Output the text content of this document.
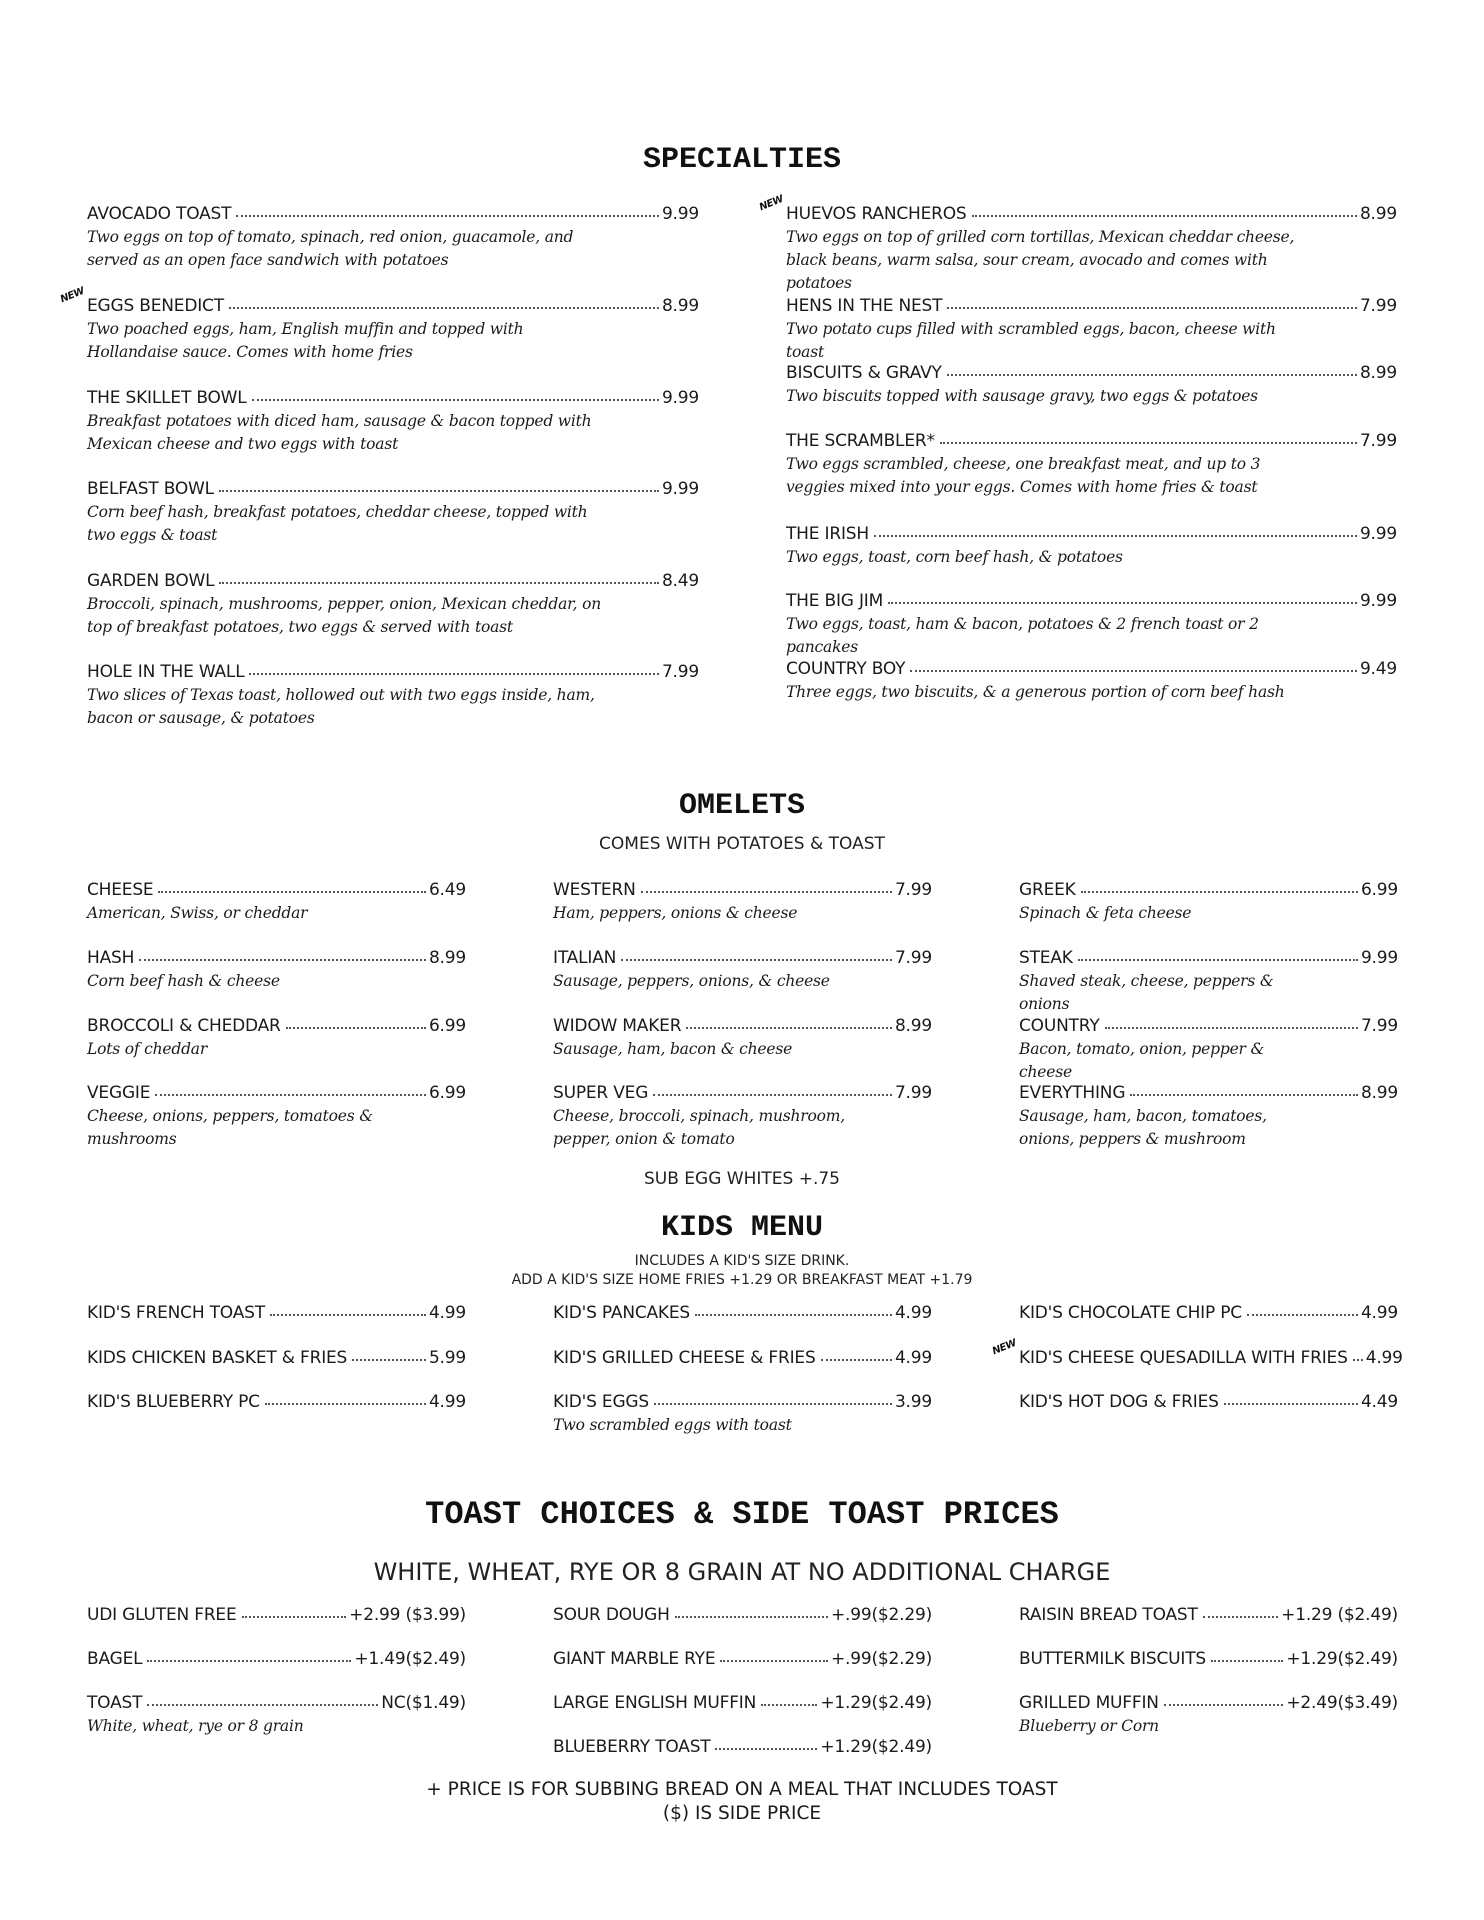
SPECIALTIES
AVOCADO TOAST	9.99
Two eggs on top of tomato, spinach, red onion, guacamole, and served as an open face sandwich with potatoes
NEW
EGGS BENEDICT	8.99
Two poached eggs, ham, English muffin and topped with Hollandaise sauce. Comes with home fries
THE SKILLET BOWL	9.99
Breakfast potatoes with diced ham, sausage & bacon topped with Mexican cheese and two eggs with toast
BELFAST BOWL	9.99
Corn beef hash, breakfast potatoes, cheddar cheese, topped with two eggs & toast
GARDEN BOWL	8.49
Broccoli, spinach, mushrooms, pepper, onion, Mexican cheddar, on top of breakfast potatoes, two eggs & served with toast
HOLE IN THE WALL	7.99
Two slices of Texas toast, hollowed out with two eggs inside, ham, bacon or sausage, & potatoes
NEW
HUEVOS RANCHEROS	8.99
Two eggs on top of grilled corn tortillas, Mexican cheddar cheese, black beans, warm salsa, sour cream, avocado and comes with potatoes
HENS IN THE NEST	7.99
Two potato cups filled with scrambled eggs, bacon, cheese with toast
BISCUITS & GRAVY	8.99
Two biscuits topped with sausage gravy, two eggs & potatoes
THE SCRAMBLER*	7.99
Two eggs scrambled, cheese, one breakfast meat, and up to 3 veggies mixed into your eggs. Comes with home fries & toast
THE IRISH	9.99
Two eggs, toast, corn beef hash, & potatoes
THE BIG JIM	9.99
Two eggs, toast, ham & bacon, potatoes & 2 french toast or 2 pancakes
COUNTRY BOY	9.49
Three eggs, two biscuits, & a generous portion of corn beef hash
OMELETS
COMES WITH POTATOES & TOAST
CHEESE	6.49
American, Swiss, or cheddar
HASH	8.99
Corn beef hash & cheese
BROCCOLI & CHEDDAR	6.99
Lots of cheddar
VEGGIE	6.99
Cheese, onions, peppers, tomatoes & mushrooms
WESTERN	7.99
Ham, peppers, onions & cheese
ITALIAN	7.99
Sausage, peppers, onions, & cheese
WIDOW MAKER	8.99
Sausage, ham, bacon & cheese
SUPER VEG	7.99
Cheese, broccoli, spinach, mushroom, pepper, onion & tomato
GREEK	6.99
Spinach & feta cheese
STEAK	9.99
Shaved steak, cheese, peppers & onions
COUNTRY	7.99
Bacon, tomato, onion, pepper & cheese
EVERYTHING	8.99
Sausage, ham, bacon, tomatoes, onions, peppers & mushroom
SUB EGG WHITES +.75
KIDS MENU
INCLUDES A KID'S SIZE DRINK.
ADD A KID'S SIZE HOME FRIES +1.29 OR BREAKFAST MEAT +1.79
KID'S FRENCH TOAST	4.99
KIDS CHICKEN BASKET & FRIES	5.99
KID'S BLUEBERRY PC	4.99
KID'S PANCAKES	4.99
KID'S GRILLED CHEESE & FRIES	4.99
KID'S EGGS	3.99
Two scrambled eggs with toast
KID'S CHOCOLATE CHIP PC	4.99
NEW
KID'S CHEESE QUESADILLA WITH FRIES 4.99
KID'S HOT DOG & FRIES	4.49
TOAST CHOICES & SIDE TOAST PRICES
WHITE, WHEAT, RYE OR 8 GRAIN AT NO ADDITIONAL CHARGE
UDI GLUTEN FREE	+2.99 ($3.99)
BAGEL	+1.49($2.49)
TOAST	NC($1.49)
White, wheat, rye or 8 grain
SOUR DOUGH	+.99($2.29)
GIANT MARBLE RYE	+.99($2.29)
LARGE ENGLISH MUFFIN	+1.29($2.49)
BLUEBERRY TOAST	+1.29($2.49)
RAISIN BREAD TOAST	+1.29 ($2.49)
BUTTERMILK BISCUITS	+1.29($2.49)
GRILLED MUFFIN	+2.49($3.49)
Blueberry or Corn
+ PRICE IS FOR SUBBING BREAD ON A MEAL THAT INCLUDES TOAST
($) IS SIDE PRICE
